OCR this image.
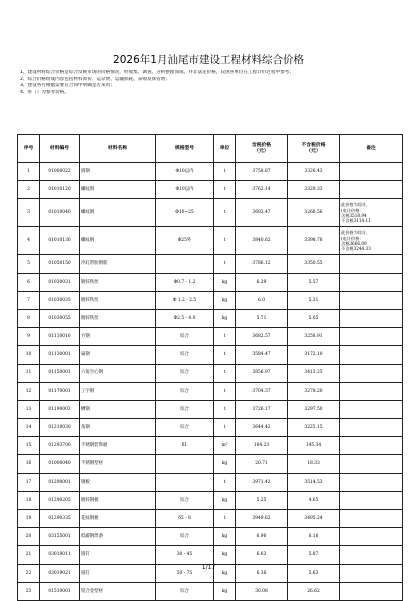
2026年1月汕尾市建设工程材料综合价格
1、建设材料综合价格是综合反映市场的价格情况，经收集、调查、分析整理而成，并非法定价格，仅供各单位在工程计价过程中参考；
2、综合价格组成内容包括材料原价、运杂费、运输损耗、采购及保管费；
3、建设各方根据需要在合同中明确是否采用；
4、带（）为参考价格。
序号	材料编号	材料名称	规格型号	单位	含税价格
（元）	不含税价格
（元）	备注
1	01000022	圆钢	Φ10以内	t	3758.87	3326.43	
2	01010120	螺纹钢	Φ10以内	t	3762.14	3329.33	
3	01010040	螺纹钢	Φ10~25	t	3693.47	3268.56	此价格为综计，
(电计价格：
含税3518.94
不含税3114.11
4	01010130	螺纹钢	Φ25外	t	3840.62	3398.78	此价格为综计，
(电计价格：
含税3666.09
不含税3244.33
5	01050150	冷轧带肋钢筋		t	3786.12	3350.55	
6	01030031	镀锌铁丝	Φ0.7 - 1.2	kg	6.29	5.57	
7	01030035	镀锌铁丝	Φ 1.2 - 2.5	kg	6.0	5.31	
8	01030055	镀锌铁丝	Φ2.5 - 4.0	kg	5.71	5.05	
9	01110010	方钢	综合	t	3682.57	3258.91	
10	01130001	扁钢	综合	t	3584.47	3172.10	
11	01150001	六角空心钢	综合	t	3856.97	3413.25	
12	01170001	工字钢	综合	t	3704.37	3278.20	
13	01190003	槽钢	综合	t	3726.17	3297.50	
14	01210030	角钢	综合	t	3644.42	3225.15	
15	01293700	不锈钢装饰板	δ1	m²	164.23	145.34	
16	01000040	不锈钢型材		kg	20.71	18.33	
17	01290001	钢板		t	3971.42	3514.53	
18	01290205	镀锌钢板	综合	kg	5.25	4.65	
19	01290335	花纹钢板	δ5 - 8	t	3949.62	3495.24	
20	03155001	低碳钢焊条	综合	kg	6.96	6.16	
21	03019011	圆钉	30 - 45	kg	6.63	5.87	
22	03019021	圆钉	50 - 75	kg	6.36	5.63	
23	01510001	铝合金型材	综合	kg	30.08	26.62	
1/17
